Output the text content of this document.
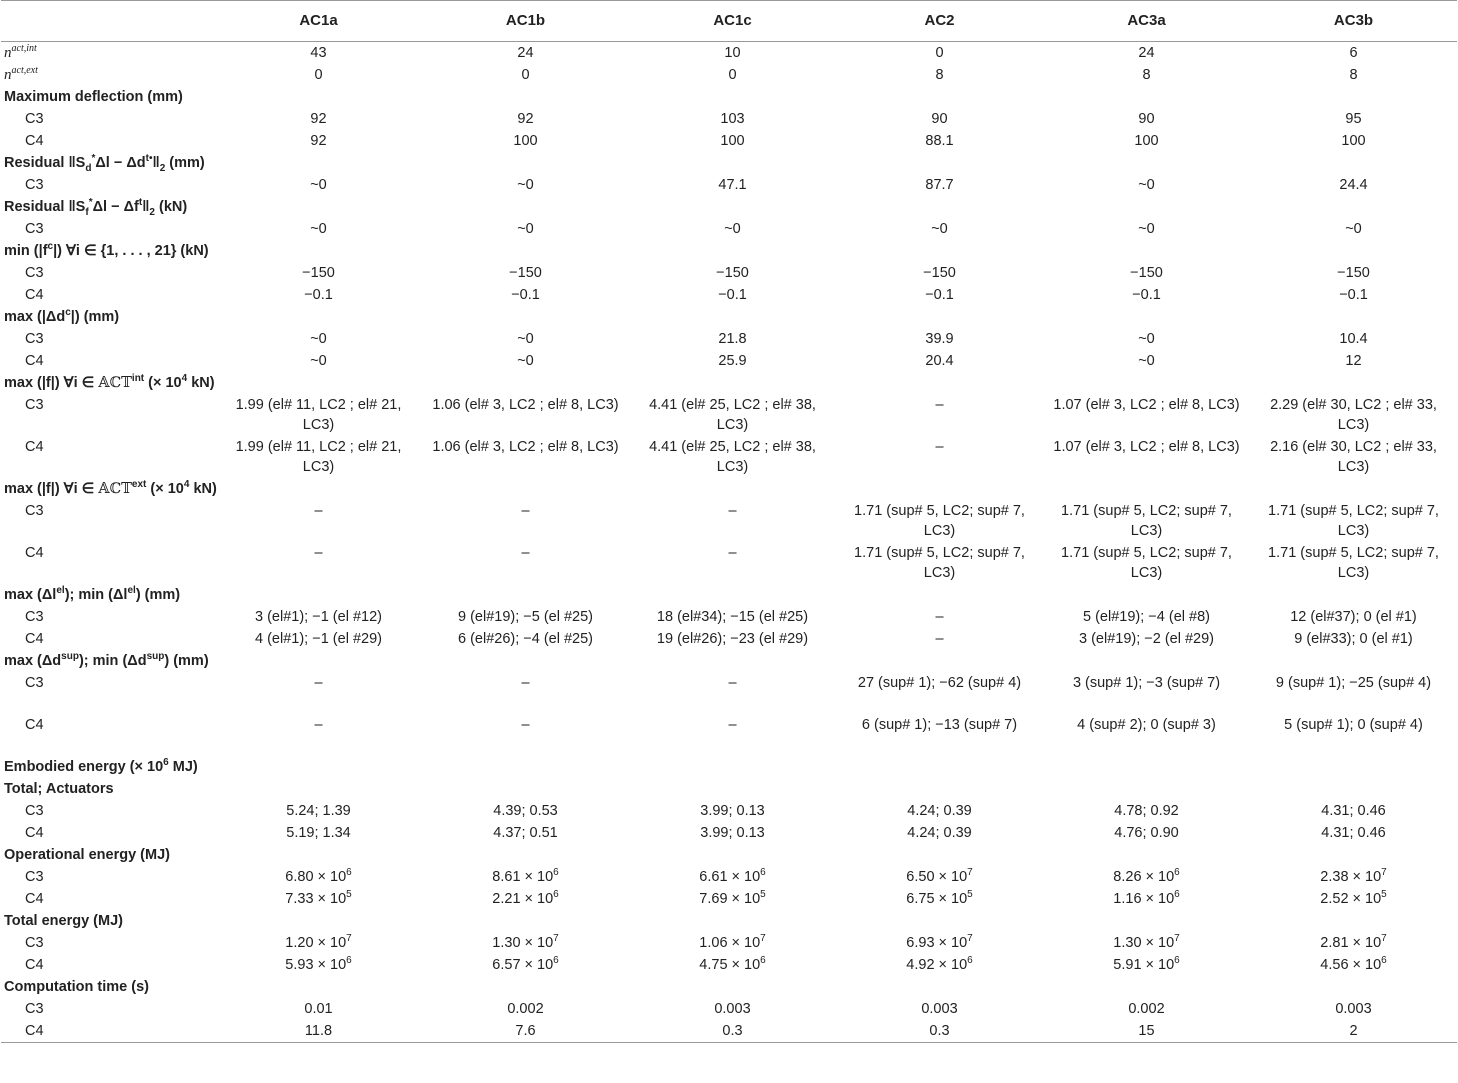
	AC1a	AC1b	AC1c	AC2	AC3a	AC3b
$n^{act,int}$	43	24	10	0	24	6
$n^{act,ext}$	0	0	0	8	8	8
Maximum deflection (mm)						
C3	92	92	103	90	90	95
C4	92	100	100	88.1	100	100
Residual $‖S_d^*\Delta l$ − $\Delta d^{t•}‖_2$ (mm)						
C3	~0	~0	47.1	87.7	~0	24.4
Residual $‖S_f^*\Delta l$ − $\Delta f^t‖_2$ (kN)						
C3	~0	~0	~0	~0	~0	~0
$\min (|f^c|)$ ∀i ∈ {1, . . . , 21} (kN)						
C3	−150	−150	−150	−150	−150	−150
C4	−0.1	−0.1	−0.1	−0.1	−0.1	−0.1
$\max (|\Delta d^c|)$ (mm)						
C3	~0	~0	21.8	39.9	~0	10.4
C4	~0	~0	25.9	20.4	~0	12
max (|f|) ∀i ∈ 𝔸ℂ𝕋$^{int}$ (× $10^4$ kN)						
C3	1.99 (el# 11, LC2 ; el# 21, LC3)	1.06 (el# 3, LC2 ; el# 8, LC3)	4.41 (el# 25, LC2 ; el# 38, LC3)	–	1.07 (el# 3, LC2 ; el# 8, LC3)	2.29 (el# 30, LC2 ; el# 33, LC3)
C4	1.99 (el# 11, LC2 ; el# 21, LC3)	1.06 (el# 3, LC2 ; el# 8, LC3)	4.41 (el# 25, LC2 ; el# 38, LC3)	–	1.07 (el# 3, LC2 ; el# 8, LC3)	2.16 (el# 30, LC2 ; el# 33, LC3)
max (|f|) ∀i ∈ 𝔸ℂ𝕋$^{ext}$ (× $10^4$ kN)						
C3	–	–	–	1.71 (sup# 5, LC2; sup# 7, LC3)	1.71 (sup# 5, LC2; sup# 7, LC3)	1.71 (sup# 5, LC2; sup# 7, LC3)
C4	–	–	–	1.71 (sup# 5, LC2; sup# 7, LC3)	1.71 (sup# 5, LC2; sup# 7, LC3)	1.71 (sup# 5, LC2; sup# 7, LC3)
$\max (\Delta l^{el})$; $\min (\Delta l^{el})$ (mm)						
C3	3 (el#1); −1 (el #12)	9 (el#19); −5 (el #25)	18 (el#34); −15 (el #25)	–	5 (el#19); −4 (el #8)	12 (el#37); 0 (el #1)
C4	4 (el#1); −1 (el #29)	6 (el#26); −4 (el #25)	19 (el#26); −23 (el #29)	–	3 (el#19); −2 (el #29)	9 (el#33); 0 (el #1)
$\max (\Delta d^{sup})$; $\min (\Delta d^{sup})$ (mm)						
C3	–	–	–	27 (sup# 1); −62 (sup# 4)	3 (sup# 1); −3 (sup# 7)	9 (sup# 1); −25 (sup# 4)
C4	–	–	–	6 (sup# 1); −13 (sup# 7)	4 (sup# 2); 0 (sup# 3)	5 (sup# 1); 0 (sup# 4)
Embodied energy (× $10^6$ MJ)						
Total; Actuators						
C3	5.24; 1.39	4.39; 0.53	3.99; 0.13	4.24; 0.39	4.78; 0.92	4.31; 0.46
C4	5.19; 1.34	4.37; 0.51	3.99; 0.13	4.24; 0.39	4.76; 0.90	4.31; 0.46
Operational energy (MJ)						
C3	$6.80 \times 10^6$	$8.61 \times 10^6$	$6.61 \times 10^6$	$6.50 \times 10^7$	$8.26 \times 10^6$	$2.38 \times 10^7$
C4	$7.33 \times 10^5$	$2.21 \times 10^6$	$7.69 \times 10^5$	$6.75 \times 10^5$	$1.16 \times 10^6$	$2.52 \times 10^5$
Total energy (MJ)						
C3	$1.20 \times 10^7$	$1.30 \times 10^7$	$1.06 \times 10^7$	$6.93 \times 10^7$	$1.30 \times 10^7$	$2.81 \times 10^7$
C4	$5.93 \times 10^6$	$6.57 \times 10^6$	$4.75 \times 10^6$	$4.92 \times 10^6$	$5.91 \times 10^6$	$4.56 \times 10^6$
Computation time (s)						
C3	0.01	0.002	0.003	0.003	0.002	0.003
C4	11.8	7.6	0.3	0.3	15	2
